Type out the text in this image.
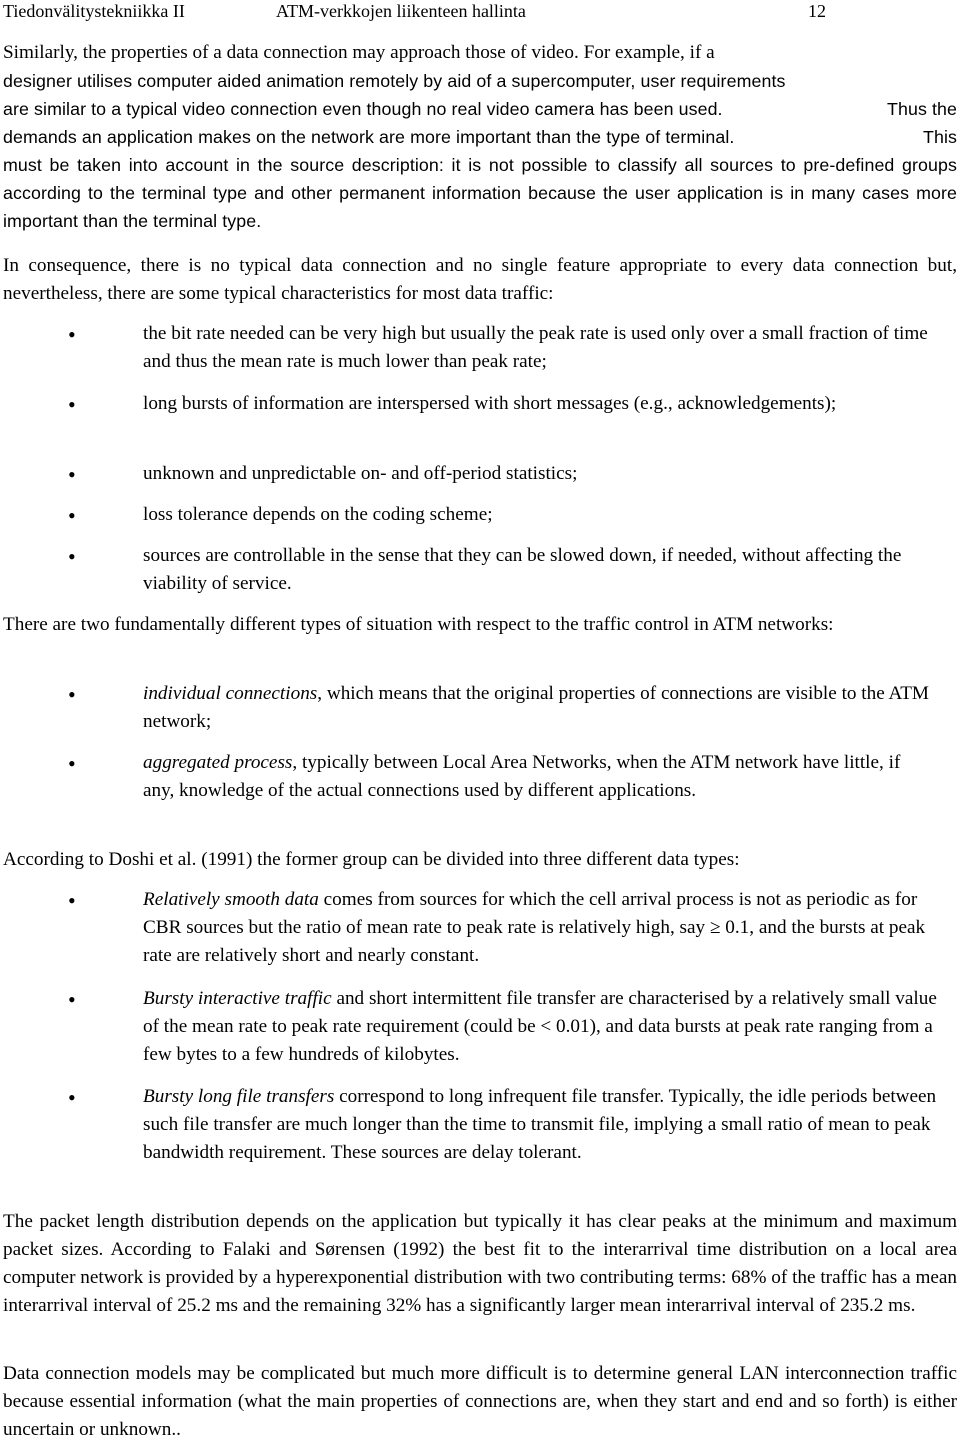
Tiedonvälitystekniikka II	ATM-verkkojen liikenteen hallinta	12
Similarly, the properties of a data connection may approach those of video. For example, if a
designer utilises computer aided animation remotely by aid of a supercomputer, user requirements
are similar to a typical video connection even though no real video camera has been used.	Thus the
demands an application makes on the network are more important than the type of terminal.	This
must be taken into account in the source description: it is not possible to classify all sources to pre-defined groups according to the terminal type and other permanent information because the user application is in many cases more important than the terminal type.
In consequence, there is no typical data connection and no single feature appropriate to every data connection but, nevertheless, there are some typical characteristics for most data traffic:
•	the bit rate needed can be very high but usually the peak rate is used only over a small fraction of time and thus the mean rate is much lower than peak rate;
•	long bursts of information are interspersed with short messages (e.g., acknowledgements);
•	unknown and unpredictable on- and off-period statistics;
•	loss tolerance depends on the coding scheme;
•	sources are controllable in the sense that they can be slowed down, if needed, without affecting the viability of service.
There are two fundamentally different types of situation with respect to the traffic control in ATM networks:
•	individual connections, which means that the original properties of connections are visible to the ATM network;
•	aggregated process, typically between Local Area Networks, when the ATM network have little, if any, knowledge of the actual connections used by different applications.
According to Doshi et al. (1991) the former group can be divided into three different data types:
•	Relatively smooth data comes from sources for which the cell arrival process is not as periodic as for CBR sources but the ratio of mean rate to peak rate is relatively high, say ≥ 0.1, and the bursts at peak rate are relatively short and nearly constant.
•	Bursty interactive traffic and short intermittent file transfer are characterised by a relatively small value of the mean rate to peak rate requirement (could be < 0.01), and data bursts at peak rate ranging from a few bytes to a few hundreds of kilobytes.
•	Bursty long file transfers correspond to long infrequent file transfer. Typically, the idle periods between such file transfer are much longer than the time to transmit file, implying a small ratio of mean to peak bandwidth requirement. These sources are delay tolerant.
The packet length distribution depends on the application but typically it has clear peaks at the minimum and maximum packet sizes. According to Falaki and Sørensen (1992) the best fit to the interarrival time distribution on a local area computer network is provided by a hyperexponential distribution with two contributing terms: 68% of the traffic has a mean interarrival interval of 25.2 ms and the remaining 32% has a significantly larger mean interarrival interval of 235.2 ms.
Data connection models may be complicated but much more difficult is to determine general LAN interconnection traffic because essential information (what the main properties of connections are, when they start and end and so forth) is either uncertain or unknown..
